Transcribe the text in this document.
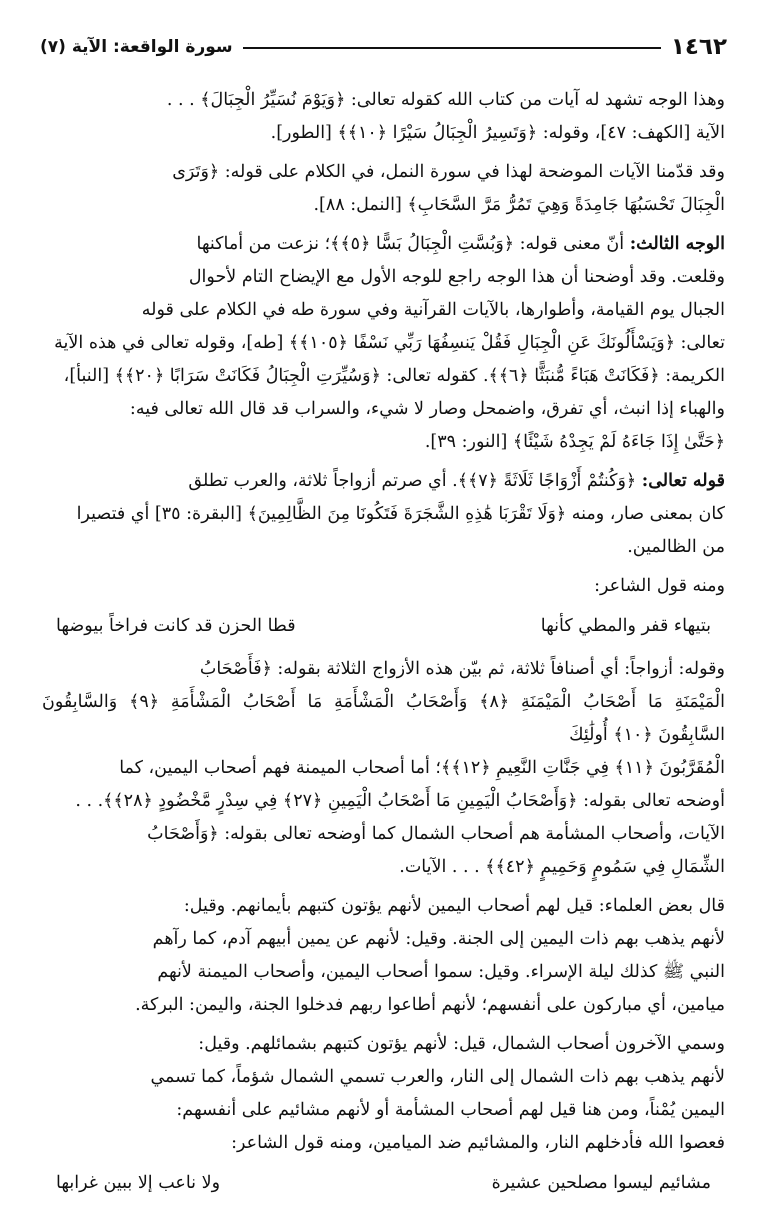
١٤٦٢
سورة الواقعة: الآية (٧)

وهذا الوجه تشهد له آيات من كتاب الله كقوله تعالى: ﴿وَيَوْمَ نُسَيِّرُ الْجِبَالَ﴾ . . .
الآية [الكهف: ٤٧]، وقوله: ﴿وَتَسِيرُ الْجِبَالُ سَيْرًا ﴿١٠﴾﴾ [الطور].

وقد قدّمنا الآيات الموضحة لهذا في سورة النمل، في الكلام على قوله: ﴿وَتَرَى
الْجِبَالَ تَحْسَبُهَا جَامِدَةً وَهِيَ تَمُرُّ مَرَّ السَّحَابِ﴾ [النمل: ٨٨].

الوجه الثالث: أنّ معنى قوله: ﴿وَبُسَّتِ الْجِبَالُ بَسًّا ﴿٥﴾﴾؛ نزعت من أماكنها
وقلعت. وقد أوضحنا أن هذا الوجه راجع للوجه الأول مع الإيضاح التام لأحوال
الجبال يوم القيامة، وأطوارها، بالآيات القرآنية وفي سورة طه في الكلام على قوله
تعالى: ﴿وَيَسْأَلُونَكَ عَنِ الْجِبَالِ فَقُلْ يَنسِفُهَا رَبِّي نَسْفًا ﴿١٠٥﴾﴾ [طه]، وقوله تعالى في هذه الآية
الكريمة: ﴿فَكَانَتْ هَبَاءً مُّنبَثًّا ﴿٦﴾﴾. كقوله تعالى: ﴿وَسُيِّرَتِ الْجِبَالُ فَكَانَتْ سَرَابًا ﴿٢٠﴾﴾ [النبأ]،
والهباء إذا انبث، أي تفرق، واضمحل وصار لا شيء، والسراب قد قال الله تعالى فيه:
﴿حَتَّىٰ إِذَا جَاءَهُ لَمْ يَجِدْهُ شَيْئًا﴾ [النور: ٣٩].

قوله تعالى: ﴿وَكُنتُمْ أَزْوَاجًا ثَلَاثَةً ﴿٧﴾﴾. أي صرتم أزواجاً ثلاثة، والعرب تطلق
كان بمعنى صار، ومنه ﴿وَلَا تَقْرَبَا هَٰذِهِ الشَّجَرَةَ فَتَكُونَا مِنَ الظَّالِمِينَ﴾ [البقرة: ٣٥] أي فتصيرا
من الظالمين.

ومنه قول الشاعر:

بتيهاء قفر والمطي كأنها
قطا الحزن قد كانت فراخاً بيوضها

وقوله: أزواجاً: أي أصنافاً ثلاثة، ثم بيّن هذه الأزواج الثلاثة بقوله: ﴿فَأَصْحَابُ
الْمَيْمَنَةِ مَا أَصْحَابُ الْمَيْمَنَةِ ﴿٨﴾ وَأَصْحَابُ الْمَشْأَمَةِ مَا أَصْحَابُ الْمَشْأَمَةِ ﴿٩﴾ وَالسَّابِقُونَ السَّابِقُونَ ﴿١٠﴾ أُولَٰئِكَ
الْمُقَرَّبُونَ ﴿١١﴾ فِي جَنَّاتِ النَّعِيمِ ﴿١٢﴾﴾؛ أما أصحاب الميمنة فهم أصحاب اليمين، كما
أوضحه تعالى بقوله: ﴿وَأَصْحَابُ الْيَمِينِ مَا أَصْحَابُ الْيَمِينِ ﴿٢٧﴾ فِي سِدْرٍ مَّخْضُودٍ ﴿٢٨﴾﴾. . .
الآيات، وأصحاب المشأمة هم أصحاب الشمال كما أوضحه تعالى بقوله: ﴿وَأَصْحَابُ
الشِّمَالِ فِي سَمُومٍ وَحَمِيمٍ ﴿٤٢﴾﴾ . . . الآيات.

قال بعض العلماء: قيل لهم أصحاب اليمين لأنهم يؤتون كتبهم بأيمانهم. وقيل:
لأنهم يذهب بهم ذات اليمين إلى الجنة. وقيل: لأنهم عن يمين أبيهم آدم، كما رآهم
النبي ﷺ كذلك ليلة الإسراء. وقيل: سموا أصحاب اليمين، وأصحاب الميمنة لأنهم
ميامين، أي مباركون على أنفسهم؛ لأنهم أطاعوا ربهم فدخلوا الجنة، واليمن: البركة.

وسمي الآخرون أصحاب الشمال، قيل: لأنهم يؤتون كتبهم بشمائلهم. وقيل:
لأنهم يذهب بهم ذات الشمال إلى النار، والعرب تسمي الشمال شؤماً، كما تسمي
اليمين يُمْناً، ومن هنا قيل لهم أصحاب المشأمة أو لأنهم مشائيم على أنفسهم:
فعصوا الله فأدخلهم النار، والمشائيم ضد الميامين، ومنه قول الشاعر:

مشائيم ليسوا مصلحين عشيرة
ولا ناعب إلا ببين غرابها
